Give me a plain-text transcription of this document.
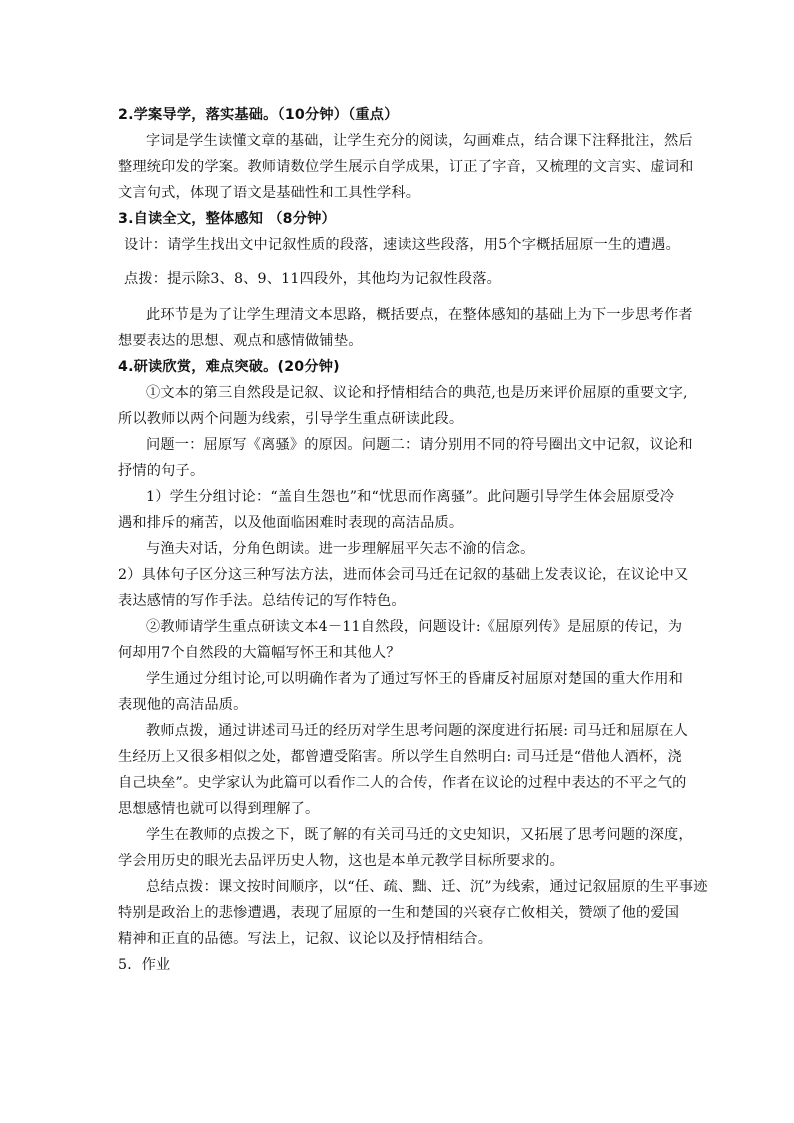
2.学案导学，落实基础。（10分钟）（重点）
字词是学生读懂文章的基础，让学生充分的阅读，勾画难点，结合课下注释批注，然后
整理统印发的学案。教师请数位学生展示自学成果，订正了字音，又梳理的文言实、虚词和
文言句式，体现了语文是基础性和工具性学科。
3.自读全文，整体感知 （8分钟）
设计：请学生找出文中记叙性质的段落，速读这些段落，用5个字概括屈原一生的遭遇。
点拨：提示除3、8、9、11四段外，其他均为记叙性段落。
此环节是为了让学生理清文本思路，概括要点，在整体感知的基础上为下一步思考作者
想要表达的思想、观点和感情做铺垫。
4.研读欣赏，难点突破。(20分钟)
①文本的第三自然段是记叙、议论和抒情相结合的典范,也是历来评价屈原的重要文字,
所以教师以两个问题为线索，引导学生重点研读此段。
问题一：屈原写《离骚》的原因。问题二：请分别用不同的符号圈出文中记叙，议论和
抒情的句子。
1）学生分组讨论：“盖自生怨也”和“忧思而作离骚”。此问题引导学生体会屈原受冷
遇和排斥的痛苦，以及他面临困难时表现的高洁品质。
与渔夫对话，分角色朗读。进一步理解屈平矢志不渝的信念。
2）具体句子区分这三种写法方法，进而体会司马迁在记叙的基础上发表议论，在议论中又
表达感情的写作手法。总结传记的写作特色。
②教师请学生重点研读文本4－11自然段，问题设计:《屈原列传》是屈原的传记，为
何却用7个自然段的大篇幅写怀王和其他人？
学生通过分组讨论,可以明确作者为了通过写怀王的昏庸反衬屈原对楚国的重大作用和
表现他的高洁品质。
教师点拨，通过讲述司马迁的经历对学生思考问题的深度进行拓展: 司马迁和屈原在人
生经历上又很多相似之处，都曾遭受陷害。所以学生自然明白: 司马迁是“借他人酒杯，浇
自己块垒”。史学家认为此篇可以看作二人的合传，作者在议论的过程中表达的不平之气的
思想感情也就可以得到理解了。
学生在教师的点拨之下，既了解的有关司马迁的文史知识，又拓展了思考问题的深度，
学会用历史的眼光去品评历史人物，这也是本单元教学目标所要求的。
总结点拨：课文按时间顺序，以“任、疏、黜、迁、沉”为线索，通过记叙屈原的生平事迹
特别是政治上的悲惨遭遇，表现了屈原的一生和楚国的兴衰存亡攸相关，赞颂了他的爱国
精神和正直的品德。写法上，记叙、议论以及抒情相结合。
5．作业
